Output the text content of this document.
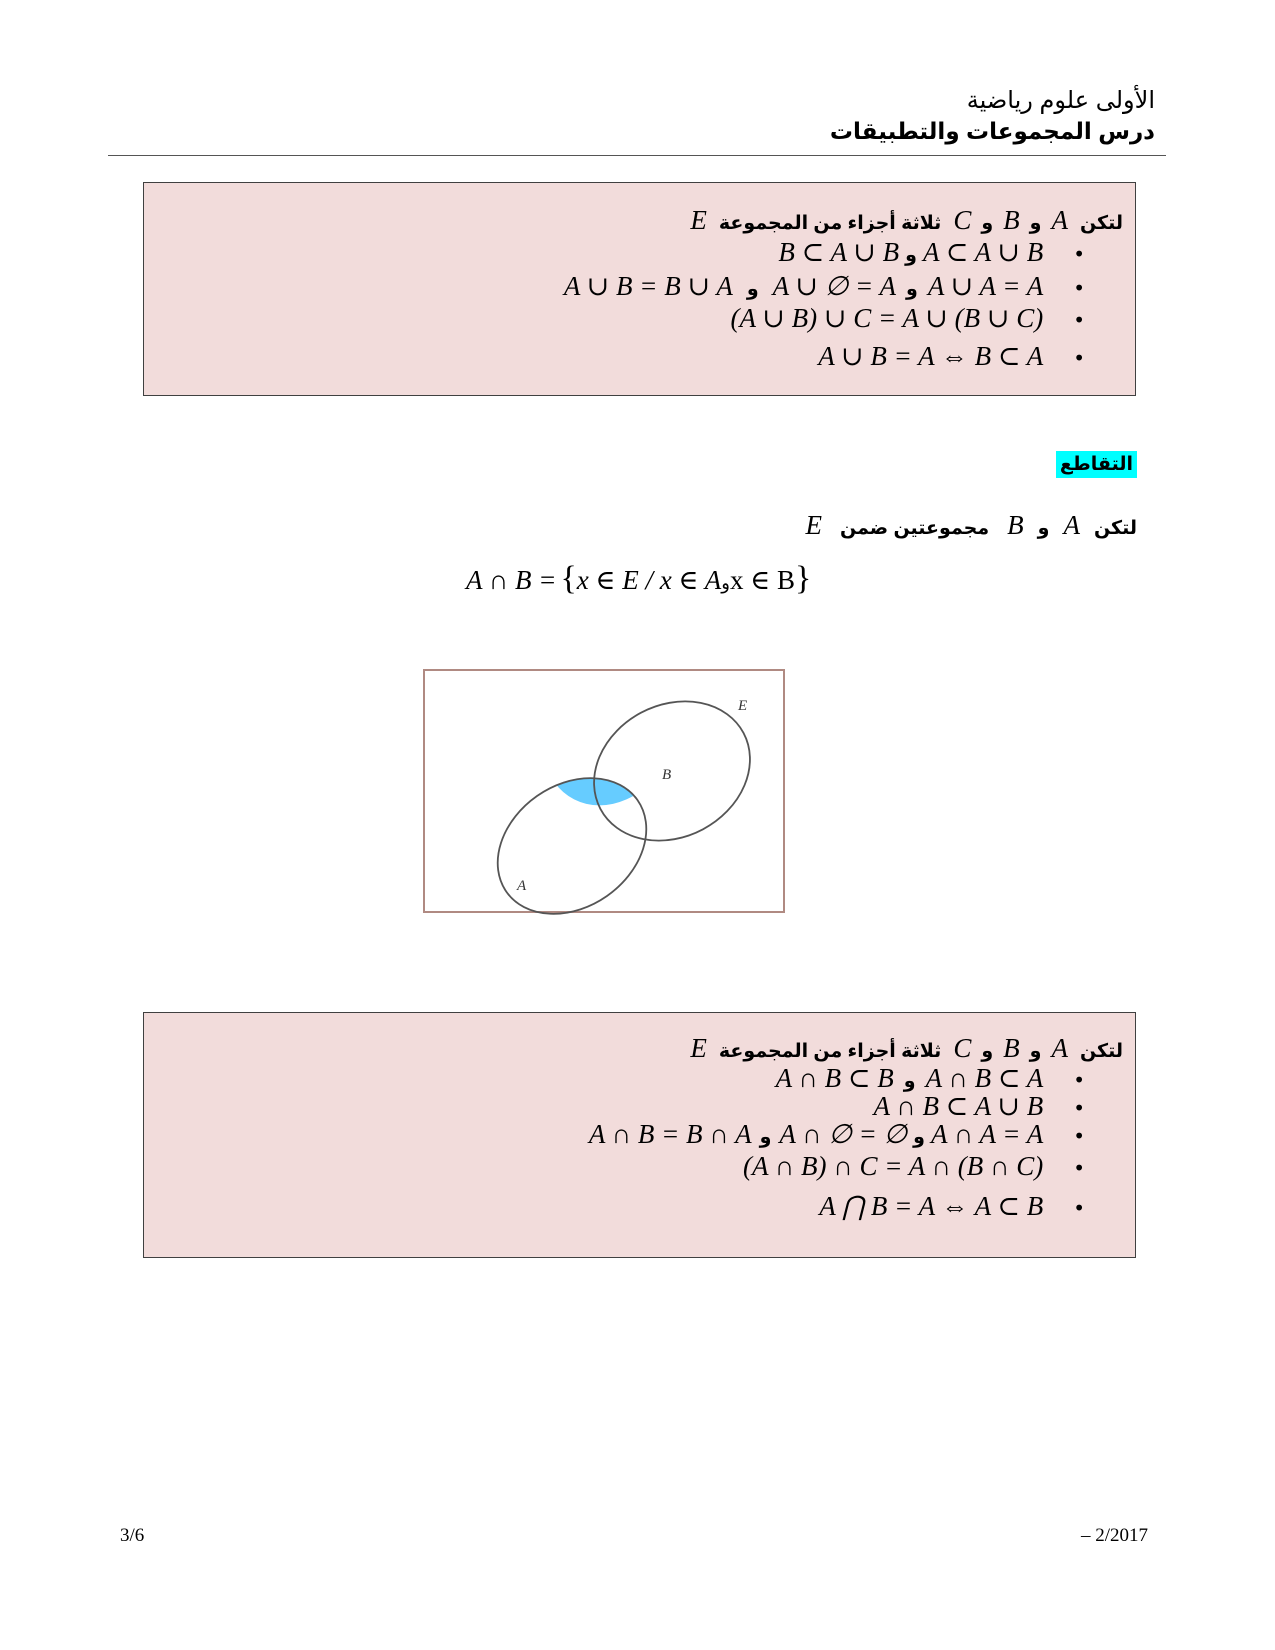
الأولى علوم رياضية
درس المجموعات والتطبيقات
E ثلاثة أجزاء من المجموعة C و B و A لتكن
B ⊂ A ∪ B و A ⊂ A ∪ B •
A ∪ B = B ∪ A و A ∪ ∅ = A و A ∪ A = A •
(A ∪ B) ∪ C = A ∪ (B ∪ C) •
A ∪ B = A ⇔ B ⊂ A •
التقاطع
E مجموعتين ضمن B و A لتكن
A ∩ B = { x ∈ E / x ∈ A و x ∈ B }
E
B
A
E ثلاثة أجزاء من المجموعة C و B و A لتكن
A ∩ B ⊂ B و A ∩ B ⊂ A •
A ∩ B ⊂ A ∪ B •
A ∩ B = B ∩ A و A ∩ ∅ = ∅ و A ∩ A = A •
(A ∩ B) ∩ C = A ∩ (B ∩ C) •
A ⋂ B = A ⇔ A ⊂ B •
3/6	– 2/2017
